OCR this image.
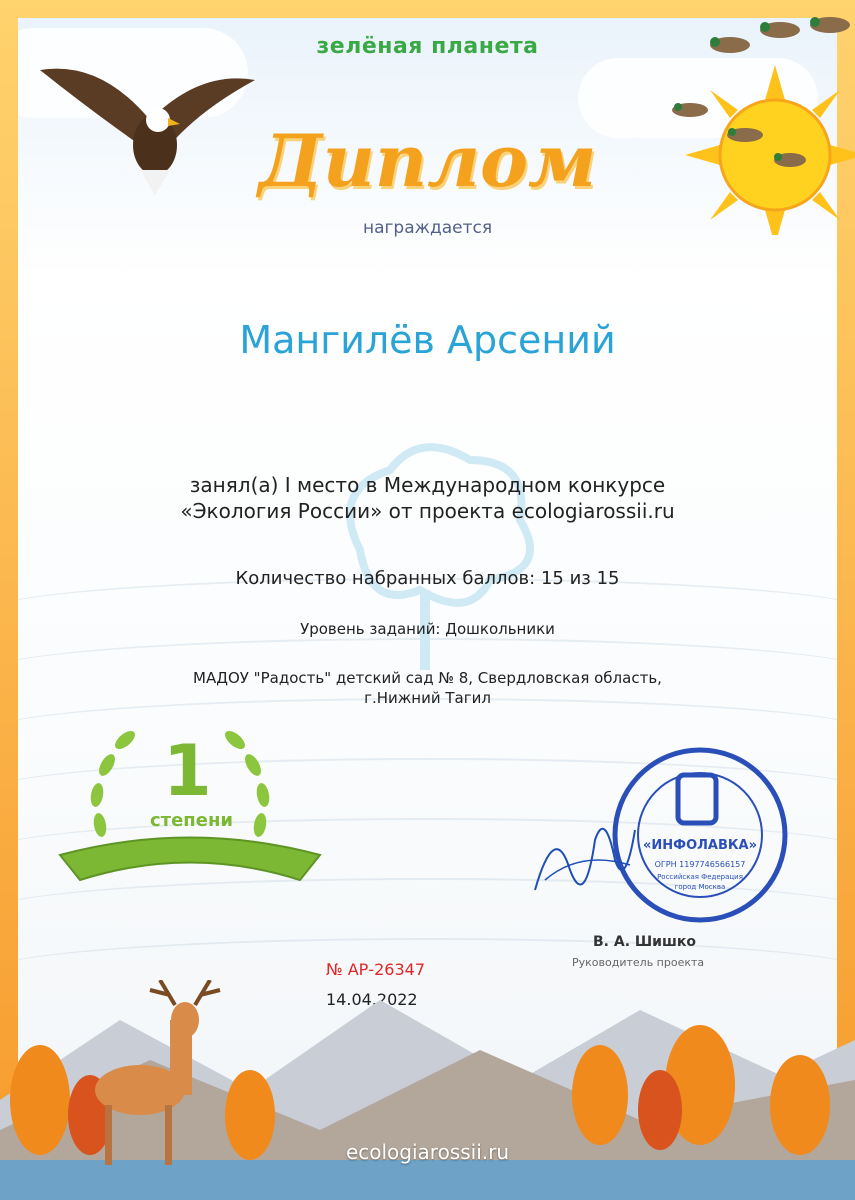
зелёная планета
Диплом
награждается
Мангилёв Арсений
занял(а) I место в Международном конкурсе
«Экология России» от проекта ecologiarossii.ru
Количество набранных баллов: 15 из 15
Уровень заданий: Дошкольники
МАДОУ "Радость" детский сад № 8, Свердловская область,
г.Нижний Тагил
1
степени
«ИНФОЛАВКА»
ОГРН 1197746566157
Российская Федерация
город Москва
В. А. Шишко
Руководитель проекта
№ АР-26347
14.04.2022
ecologiarossii.ru
